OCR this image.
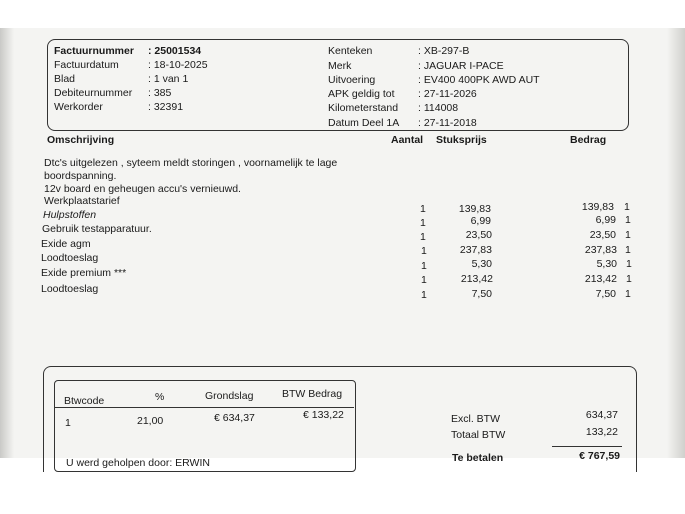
Factuurnummer : 25001534
Factuurdatum	: 18-10-2025
Blad	: 1 van 1
Debiteurnummer : 385
Werkorder	: 32391
Kenteken	: XB-297-B
Merk	: JAGUAR I-PACE
Uitvoering	: EV400 400PK AWD AUT
APK geldig tot : 27-11-2026
Kilometerstand : 114008
Datum Deel 1A : 27-11-2018
Omschrijving	Aantal Stuksprijs	Bedrag
Dtc's uitgelezen , syteem meldt storingen , voornamelijk te lage
boordspanning.
12v board en geheugen accu's vernieuwd.
Werkplaatstarief
1	139,83	139,83 1
Hulpstoffen
1	6,99	6,99 1
Gebruik testapparatuur.
1	23,50	23,50 1
Exide agm
1	237,83	237,83 1
Loodtoeslag
1	5,30	5,30 1
Exide premium ***
1	213,42	213,42 1
Loodtoeslag	1	7,50	7,50 1
Btwcode	%	Grondslag	BTW Bedrag
1	21,00	€ 634,37	€ 133,22
U werd geholpen door: ERWIN
Excl. BTW	634,37
Totaal BTW	133,22
Te betalen	€ 767,59
